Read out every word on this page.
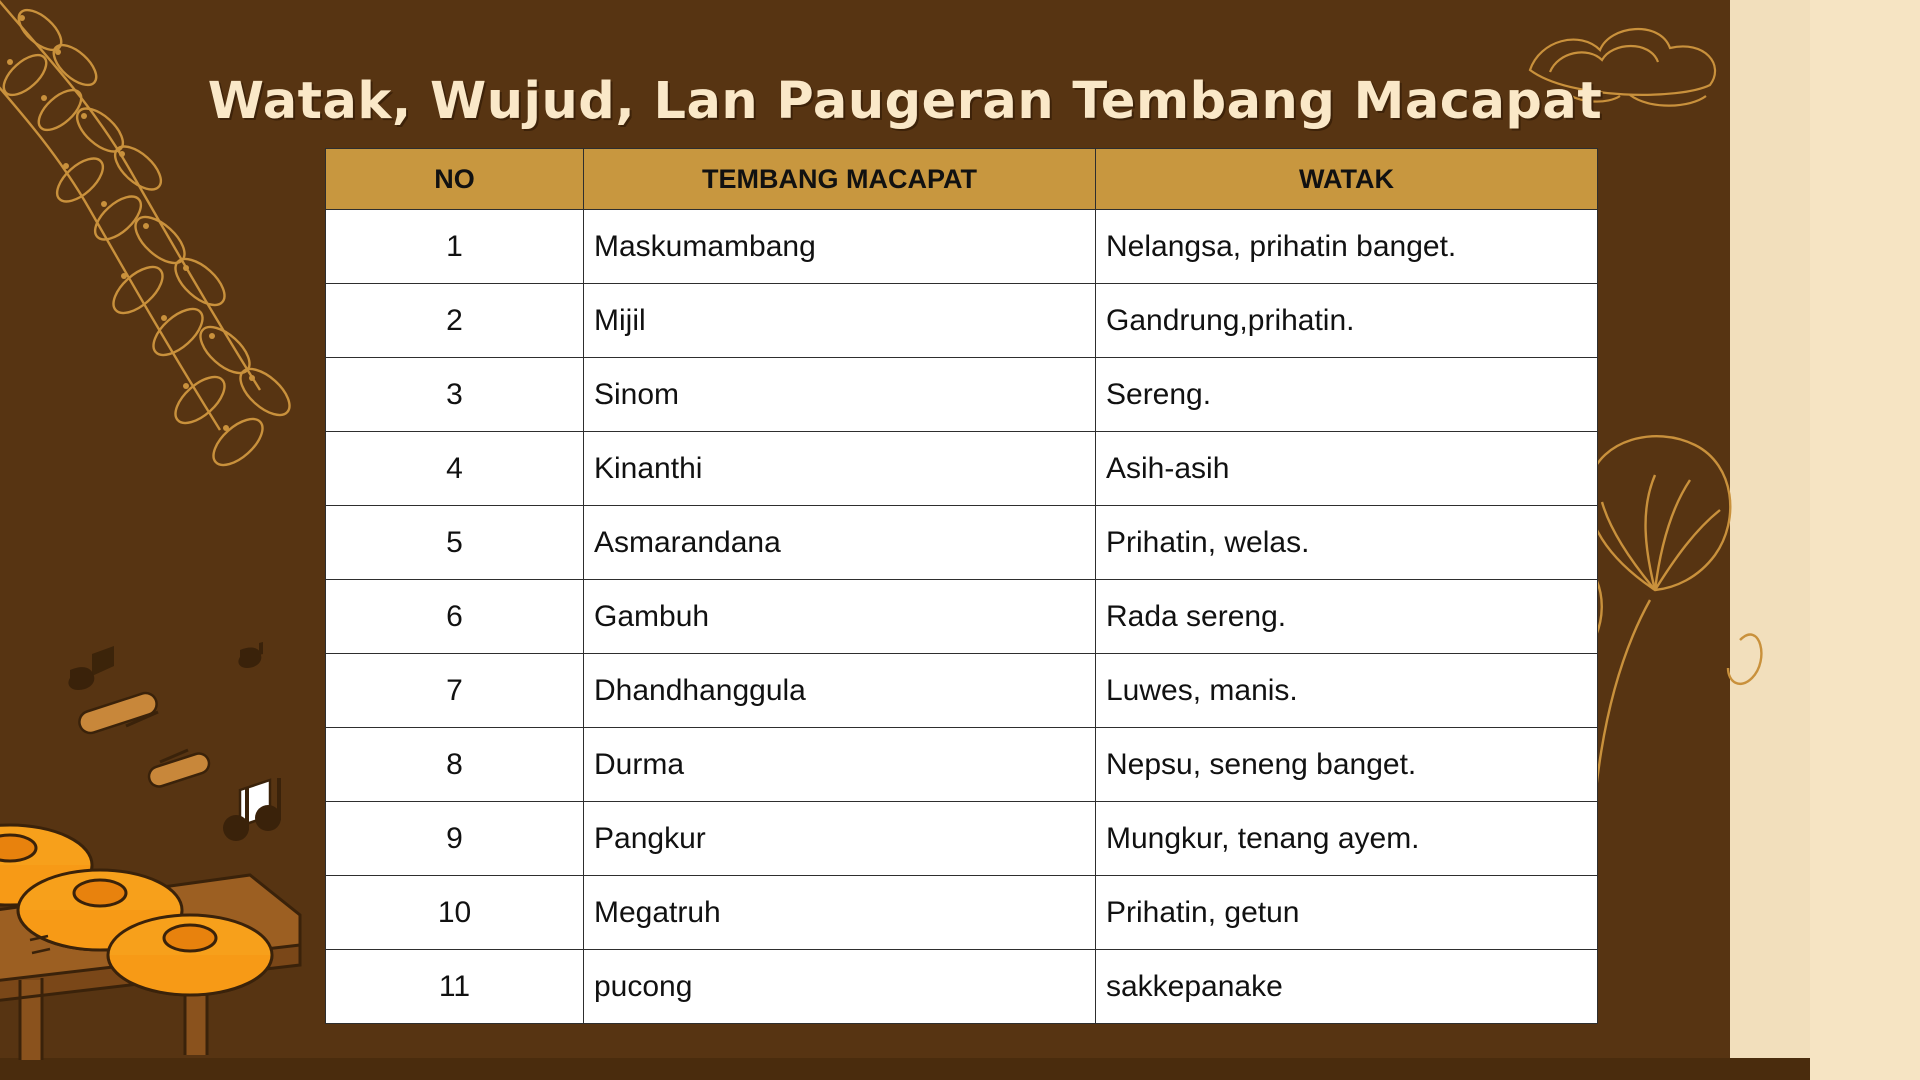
Watak, Wujud, Lan Paugeran Tembang Macapat
NO	TEMBANG MACAPAT	WATAK
1	Maskumambang	Nelangsa, prihatin banget.
2	Mijil	Gandrung,prihatin.
3	Sinom	Sereng.
4	Kinanthi	Asih-asih
5	Asmarandana	Prihatin, welas.
6	Gambuh	Rada sereng.
7	Dhandhanggula	Luwes, manis.
8	Durma	Nepsu, seneng banget.
9	Pangkur	Mungkur, tenang ayem.
10	Megatruh	Prihatin, getun
11	pucong	sakkepanake
